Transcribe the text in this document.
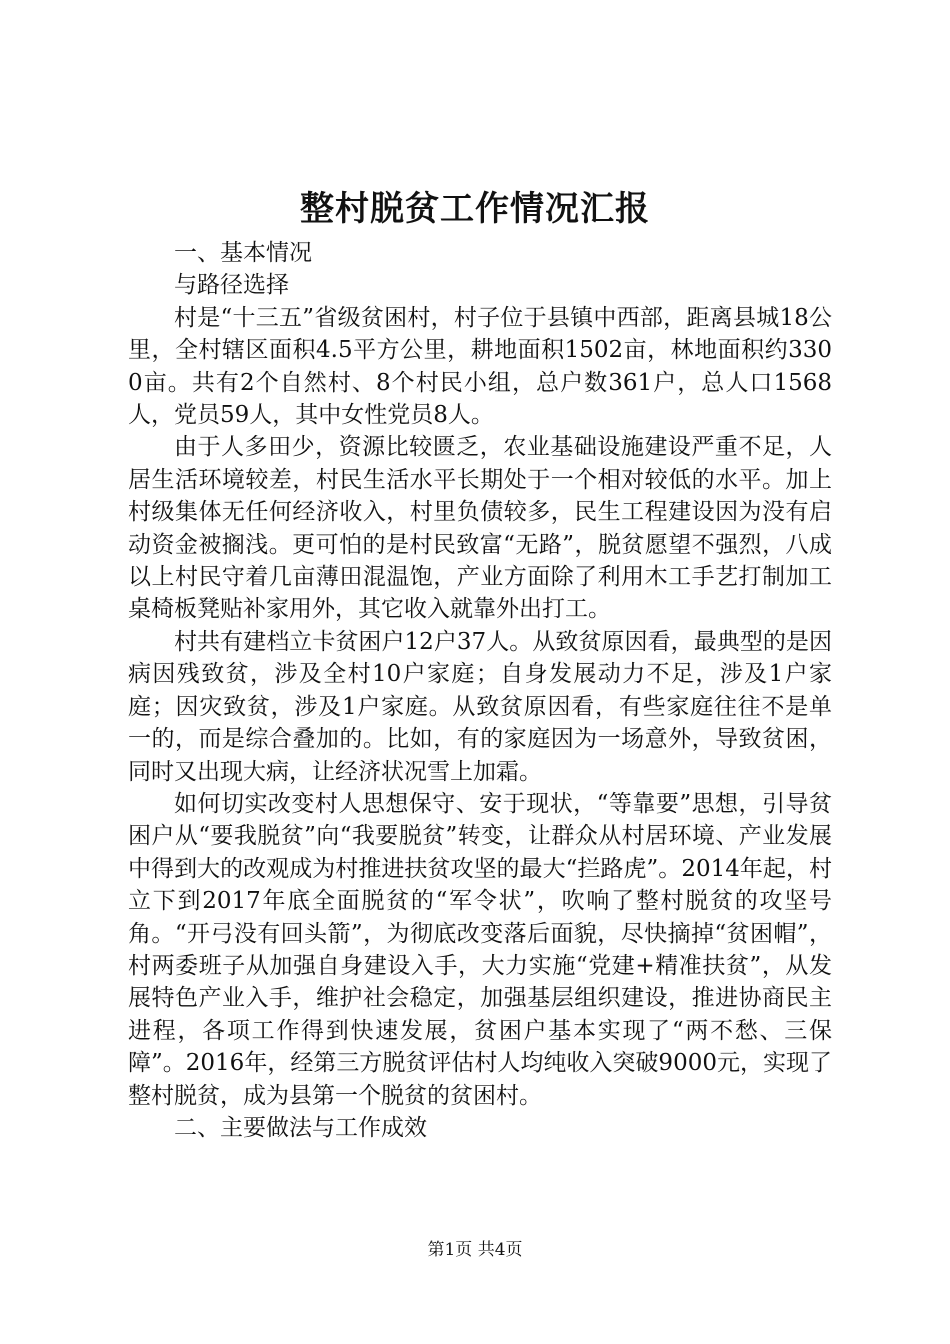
整村脱贫工作情况汇报

一、基本情况

与路径选择

村是“十三五”省级贫困村，村子位于县镇中西部，距离县城18公里，全村辖区面积4.5平方公里，耕地面积1502亩，林地面积约3300亩。共有2个自然村、8个村民小组，总户数361户，总人口1568人，党员59人，其中女性党员8人。

由于人多田少，资源比较匮乏，农业基础设施建设严重不足，人居生活环境较差，村民生活水平长期处于一个相对较低的水平。加上村级集体无任何经济收入，村里负债较多，民生工程建设因为没有启动资金被搁浅。更可怕的是村民致富“无路”，脱贫愿望不强烈，八成以上村民守着几亩薄田混温饱，产业方面除了利用木工手艺打制加工桌椅板凳贴补家用外，其它收入就靠外出打工。

村共有建档立卡贫困户12户37人。从致贫原因看，最典型的是因病因残致贫，涉及全村10户家庭；自身发展动力不足，涉及1户家庭；因灾致贫，涉及1户家庭。从致贫原因看，有些家庭往往不是单一的，而是综合叠加的。比如，有的家庭因为一场意外，导致贫困，同时又出现大病，让经济状况雪上加霜。

如何切实改变村人思想保守、安于现状，“等靠要”思想，引导贫困户从“要我脱贫”向“我要脱贫”转变，让群众从村居环境、产业发展中得到大的改观成为村推进扶贫攻坚的最大“拦路虎”。2014年起，村立下到2017年底全面脱贫的“军令状”，吹响了整村脱贫的攻坚号角。“开弓没有回头箭”，为彻底改变落后面貌，尽快摘掉“贫困帽”，村两委班子从加强自身建设入手，大力实施“党建+精准扶贫”，从发展特色产业入手，维护社会稳定，加强基层组织建设，推进协商民主进程，各项工作得到快速发展，贫困户基本实现了“两不愁、三保障”。2016年，经第三方脱贫评估村人均纯收入突破9000元，实现了整村脱贫，成为县第一个脱贫的贫困村。

二、主要做法与工作成效

第1页 共4页
